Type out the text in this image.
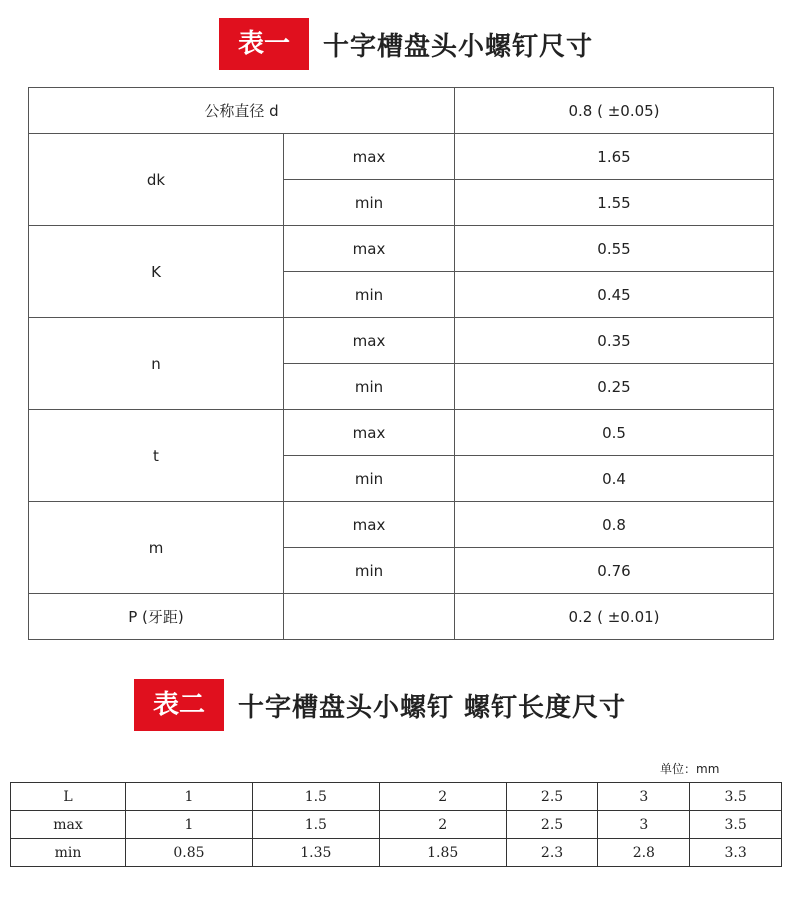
表一	十字槽盘头小螺钉尺寸
公称直径 d		0.8 ( ±0.05)
dk	max	1.65
	min	1.55
K	max	0.55
	min	0.45
n	max	0.35
	min	0.25
t	max	0.5
	min	0.4
m	max	0.8
	min	0.76
P (牙距)		0.2 ( ±0.01)
表二	十字槽盘头小螺钉 螺钉长度尺寸
单位：mm
L	1	1.5	2	2.5	3	3.5
max	1	1.5	2	2.5	3	3.5
min	0.85	1.35	1.85	2.3	2.8	3.3
